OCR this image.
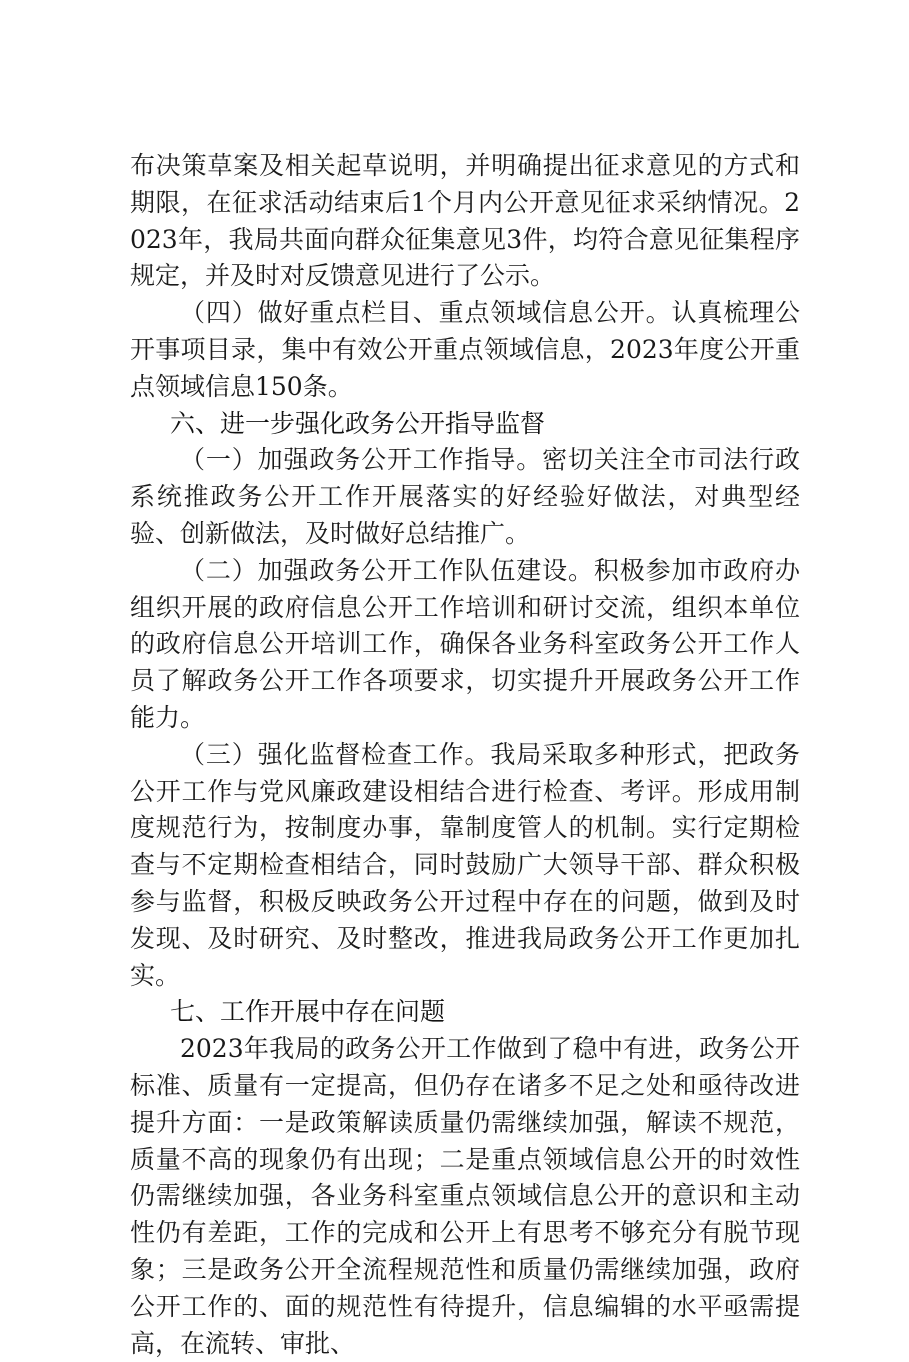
布决策草案及相关起草说明，并明确提出征求意见的方式和期限，在征求活动结束后1个月内公开意见征求采纳情况。2023年，我局共面向群众征集意见3件，均符合意见征集程序规定，并及时对反馈意见进行了公示。

（四）做好重点栏目、重点领域信息公开。认真梳理公开事项目录，集中有效公开重点领域信息，2023年度公开重点领域信息150条。

六、进一步强化政务公开指导监督

（一）加强政务公开工作指导。密切关注全市司法行政系统推政务公开工作开展落实的好经验好做法，对典型经验、创新做法，及时做好总结推广。

（二）加强政务公开工作队伍建设。积极参加市政府办组织开展的政府信息公开工作培训和研讨交流，组织本单位的政府信息公开培训工作，确保各业务科室政务公开工作人员了解政务公开工作各项要求，切实提升开展政务公开工作能力。

（三）强化监督检查工作。我局采取多种形式，把政务公开工作与党风廉政建设相结合进行检查、考评。形成用制度规范行为，按制度办事，靠制度管人的机制。实行定期检查与不定期检查相结合，同时鼓励广大领导干部、群众积极参与监督，积极反映政务公开过程中存在的问题，做到及时发现、及时研究、及时整改，推进我局政务公开工作更加扎实。

七、工作开展中存在问题

2023年我局的政务公开工作做到了稳中有进，政务公开标准、质量有一定提高，但仍存在诸多不足之处和亟待改进提升方面：一是政策解读质量仍需继续加强，解读不规范，质量不高的现象仍有出现；二是重点领域信息公开的时效性仍需继续加强，各业务科室重点领域信息公开的意识和主动性仍有差距，工作的完成和公开上有思考不够充分有脱节现象；三是政务公开全流程规范性和质量仍需继续加强，政府公开工作的、面的规范性有待提升，信息编辑的水平亟需提高，在流转、审批、
